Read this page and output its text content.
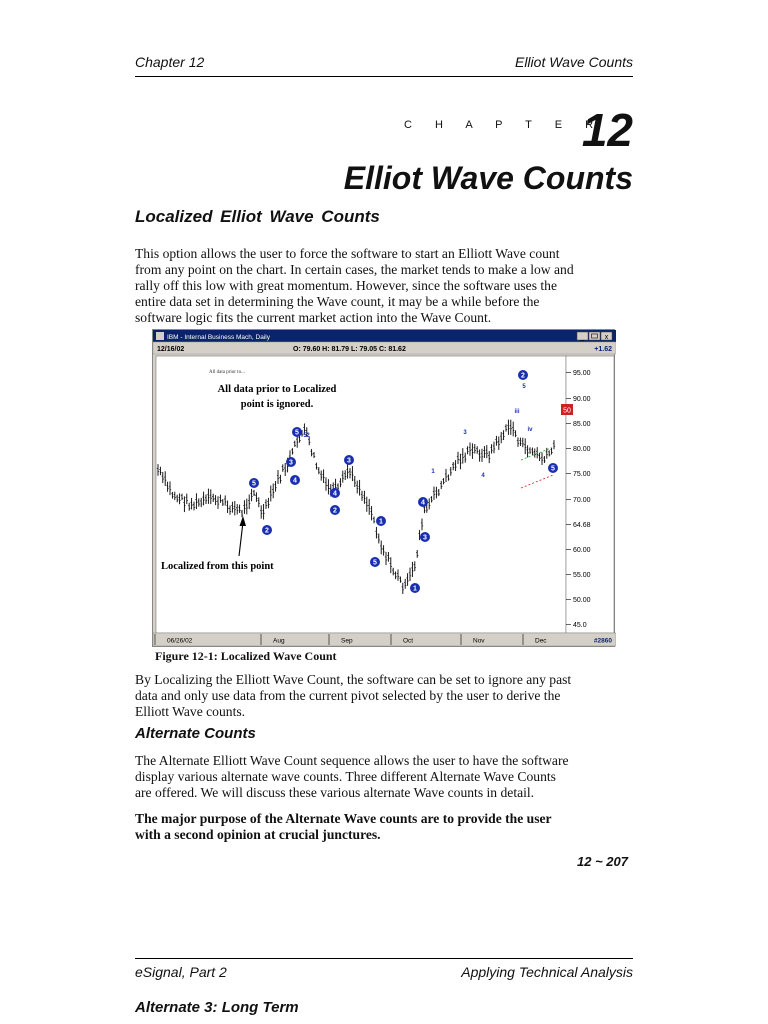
Chapter 12	Elliot Wave Counts
C H A P T E R
12
Elliot Wave Counts
Localized Elliot Wave Counts
This option allows the user to force the software to start an Elliott Wave count
from any point on the chart. In certain cases, the market tends to make a low and
rally off this low with great momentum. However, since the software uses the
entire data set in determining the Wave count, it may be a while before the
software logic fits the current market action into the Wave Count.
IBM - Internal Business Mach, Daily	_	x
12/16/02	O: 79.60 H: 81.79 L: 79.05 C: 81.62	+1.62
95.00
90.00
85.00
80.00
75.00
70.00
64.68
60.00
55.00
50.00
45.0
50
06/26/02	Aug	Sep	Oct	Nov	Dec	#2860
5
3
4
2
5
3
4
2
1
4
3
5
1
2
5
5 2
3
1
3
4
iii
iv
5
All data prior to...
All data prior to Localized
point is ignored.
Localized from this point
Figure 12-1: Localized Wave Count
By Localizing the Elliott Wave Count, the software can be set to ignore any past
data and only use data from the current pivot selected by the user to derive the
Elliott Wave counts.
Alternate Counts
The Alternate Elliott Wave Count sequence allows the user to have the software
display various alternate wave counts. Three different Alternate Wave Counts
are offered. We will discuss these various alternate Wave counts in detail.
The major purpose of the Alternate Wave counts are to provide the user
with a second opinion at crucial junctures.
12 ~ 207
eSignal, Part 2	Applying Technical Analysis
Alternate 3: Long Term
